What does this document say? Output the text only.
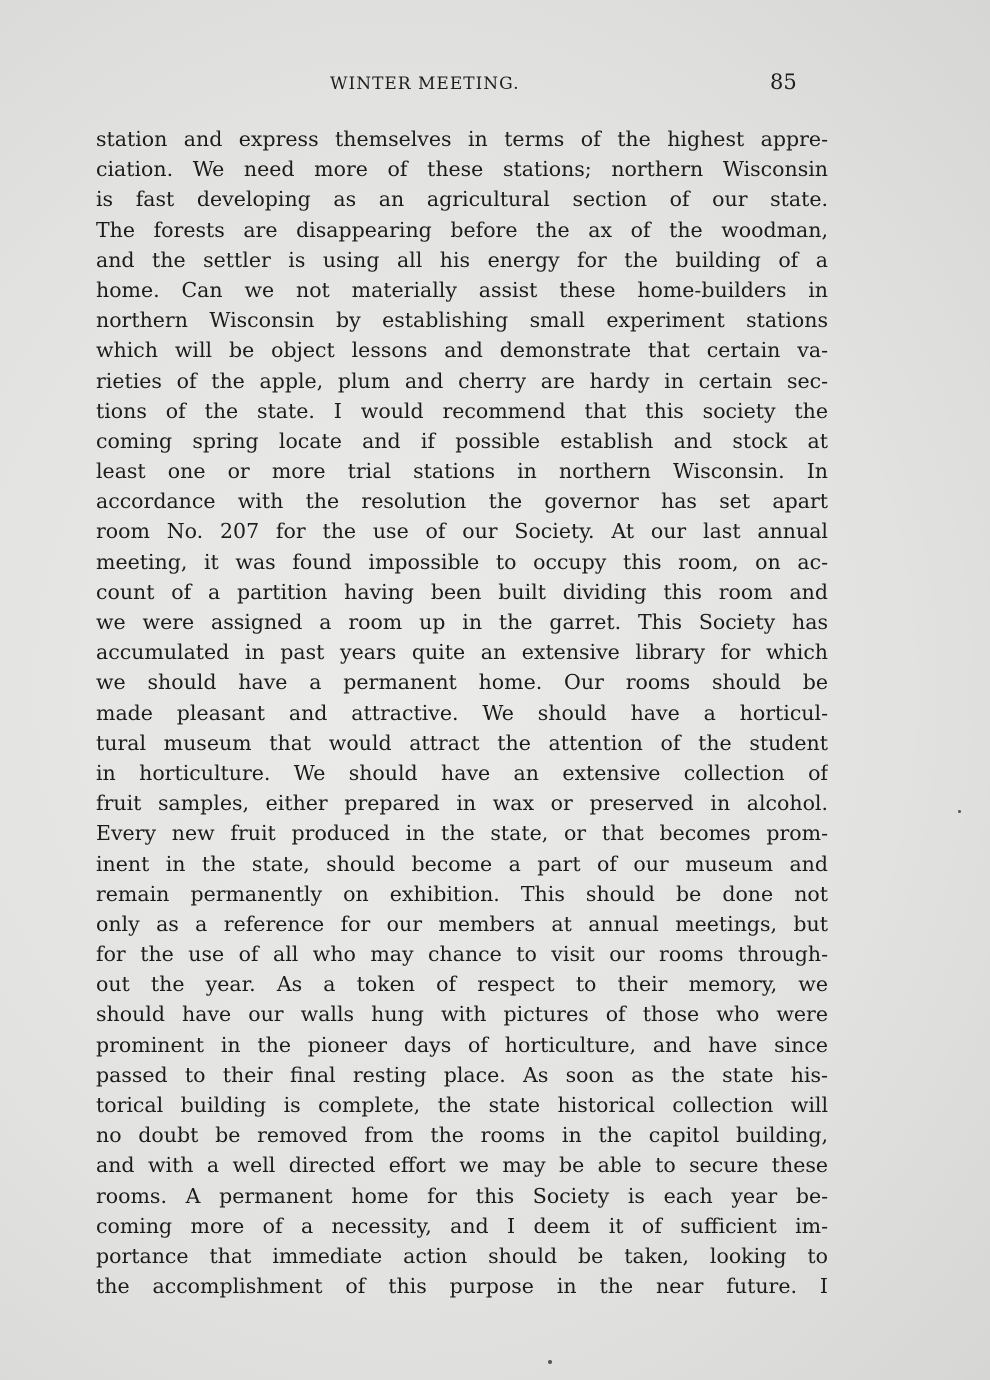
WINTER MEETING.	85
station and express themselves in terms of the highest appre-
ciation. We need more of these stations; northern Wisconsin
is fast developing as an agricultural section of our state.
The forests are disappearing before the ax of the woodman,
and the settler is using all his energy for the building of a
home. Can we not materially assist these home-builders in
northern Wisconsin by establishing small experiment stations
which will be object lessons and demonstrate that certain va-
rieties of the apple, plum and cherry are hardy in certain sec-
tions of the state. I would recommend that this society the
coming spring locate and if possible establish and stock at
least one or more trial stations in northern Wisconsin. In
accordance with the resolution the governor has set apart
room No. 207 for the use of our Society. At our last annual
meeting, it was found impossible to occupy this room, on ac-
count of a partition having been built dividing this room and
we were assigned a room up in the garret. This Society has
accumulated in past years quite an extensive library for which
we should have a permanent home. Our rooms should be
made pleasant and attractive. We should have a horticul-
tural museum that would attract the attention of the student
in horticulture. We should have an extensive collection of
fruit samples, either prepared in wax or preserved in alcohol.
Every new fruit produced in the state, or that becomes prom-
inent in the state, should become a part of our museum and
remain permanently on exhibition. This should be done not
only as a reference for our members at annual meetings, but
for the use of all who may chance to visit our rooms through-
out the year. As a token of respect to their memory, we
should have our walls hung with pictures of those who were
prominent in the pioneer days of horticulture, and have since
passed to their final resting place. As soon as the state his-
torical building is complete, the state historical collection will
no doubt be removed from the rooms in the capitol building,
and with a well directed effort we may be able to secure these
rooms. A permanent home for this Society is each year be-
coming more of a necessity, and I deem it of sufficient im-
portance that immediate action should be taken, looking to
the accomplishment of this purpose in the near future. I
